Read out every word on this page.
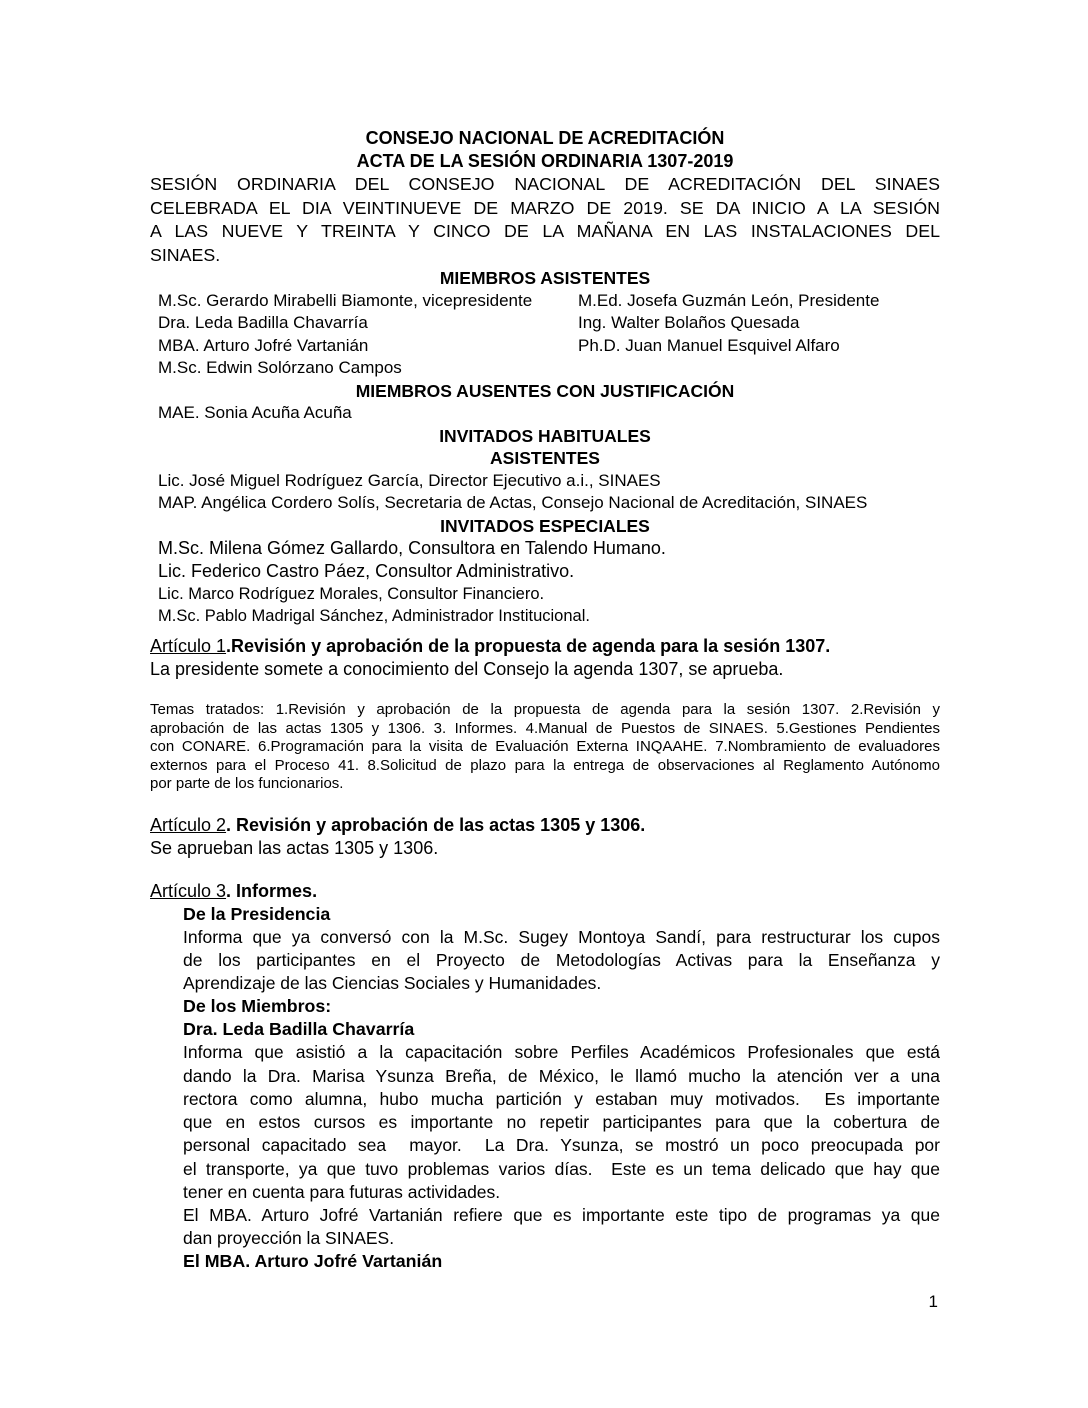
CONSEJO NACIONAL DE ACREDITACIÓN
ACTA DE LA SESIÓN ORDINARIA 1307-2019
SESIÓN ORDINARIA DEL CONSEJO NACIONAL DE ACREDITACIÓN DEL SINAES
CELEBRADA EL DIA VEINTINUEVE DE MARZO DE 2019. SE DA INICIO A LA SESIÓN
A LAS NUEVE Y TREINTA Y CINCO DE LA MAÑANA EN LAS INSTALACIONES DEL
SINAES.
MIEMBROS ASISTENTES
M.Sc. Gerardo Mirabelli Biamonte, vicepresidente
Dra. Leda Badilla Chavarría
MBA. Arturo Jofré Vartanián
M.Sc. Edwin Solórzano Campos
M.Ed. Josefa Guzmán León, Presidente
Ing. Walter Bolaños Quesada
Ph.D. Juan Manuel Esquivel Alfaro
MIEMBROS AUSENTES CON JUSTIFICACIÓN
MAE. Sonia Acuña Acuña
INVITADOS HABITUALES
ASISTENTES
Lic. José Miguel Rodríguez García, Director Ejecutivo a.i., SINAES
MAP. Angélica Cordero Solís, Secretaria de Actas, Consejo Nacional de Acreditación, SINAES
INVITADOS ESPECIALES
M.Sc. Milena Gómez Gallardo, Consultora en Talendo Humano.
Lic. Federico Castro Páez, Consultor Administrativo.
Lic. Marco Rodríguez Morales, Consultor Financiero.
M.Sc. Pablo Madrigal Sánchez, Administrador Institucional.

Artículo 1.Revisión y aprobación de la propuesta de agenda para la sesión 1307.

La presidente somete a conocimiento del Consejo la agenda 1307, se aprueba.

Temas tratados: 1.Revisión y aprobación de la propuesta de agenda para la sesión 1307. 2.Revisión y
aprobación de las actas 1305 y 1306. 3. Informes. 4.Manual de Puestos de SINAES. 5.Gestiones Pendientes
con CONARE. 6.Programación para la visita de Evaluación Externa INQAAHE. 7.Nombramiento de evaluadores
externos para el Proceso 41. 8.Solicitud de plazo para la entrega de observaciones al Reglamento Autónomo
por parte de los funcionarios.

Artículo 2. Revisión y aprobación de las actas 1305 y 1306.

Se aprueban las actas 1305 y 1306.

Artículo 3. Informes.

De la Presidencia
Informa que ya conversó con la M.Sc. Sugey Montoya Sandí, para restructurar los cupos
de los participantes en el Proyecto de Metodologías Activas para la Enseñanza y
Aprendizaje de las Ciencias Sociales y Humanidades.
De los Miembros:
Dra. Leda Badilla Chavarría
Informa que asistió a la capacitación sobre Perfiles Académicos Profesionales que está
dando la Dra. Marisa Ysunza Breña, de México, le llamó mucho la atención ver a una
rectora como alumna, hubo mucha partición y estaban muy motivados.  Es importante
que en estos cursos es importante no repetir participantes para que la cobertura de
personal capacitado sea  mayor.  La Dra. Ysunza, se mostró un poco preocupada por
el transporte, ya que tuvo problemas varios días.  Este es un tema delicado que hay que
tener en cuenta para futuras actividades.
El MBA. Arturo Jofré Vartanián refiere que es importante este tipo de programas ya que
dan proyección la SINAES.
El MBA. Arturo Jofré Vartanián
1
